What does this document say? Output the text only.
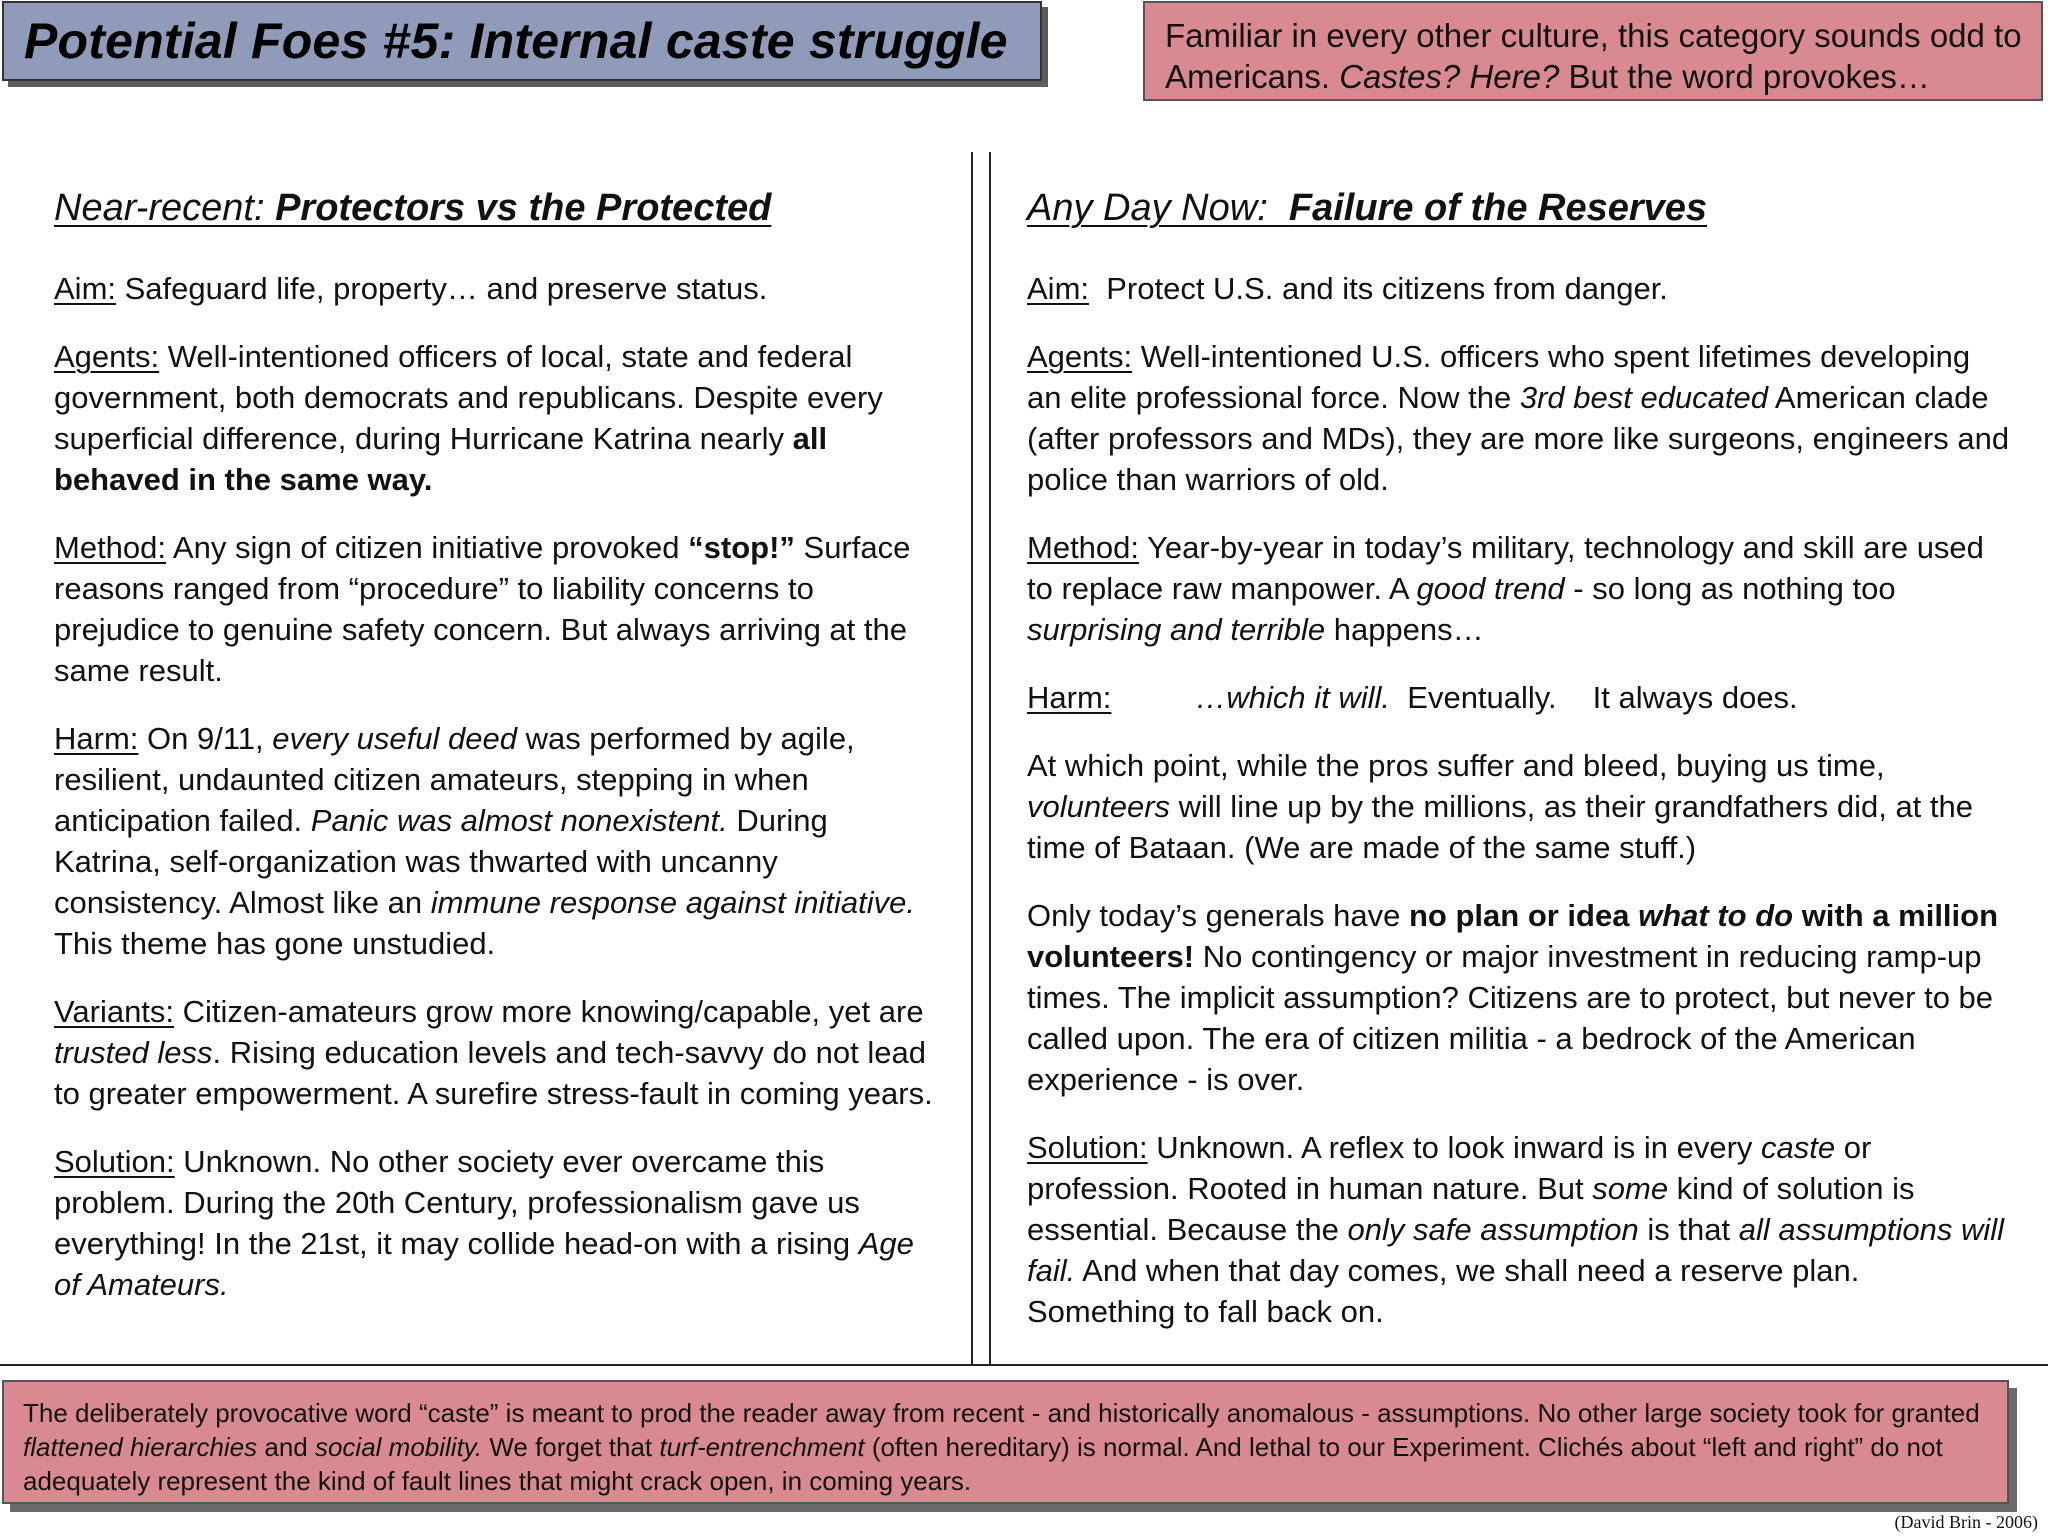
Potential Foes #5: Internal caste struggle	Familiar in every other culture, this category sounds odd to Americans. Castes? Here? But the word provokes…
Near-recent: Protectors vs the Protected

Aim: Safeguard life, property… and preserve status.

Agents: Well-intentioned officers of local, state and federal government, both democrats and republicans. Despite every superficial difference, during Hurricane Katrina nearly all behaved in the same way.

Method: Any sign of citizen initiative provoked “stop!” Surface reasons ranged from “procedure” to liability concerns to prejudice to genuine safety concern. But always arriving at the same result.

Harm: On 9/11, every useful deed was performed by agile, resilient, undaunted citizen amateurs, stepping in when anticipation failed. Panic was almost nonexistent. During Katrina, self-organization was thwarted with uncanny consistency. Almost like an immune response against initiative. This theme has gone unstudied.

Variants: Citizen-amateurs grow more knowing/capable, yet are trusted less. Rising education levels and tech-savvy do not lead to greater empowerment. A surefire stress-fault in coming years.

Solution: Unknown. No other society ever overcame this problem. During the 20th Century, professionalism gave us everything! In the 21st, it may collide head-on with a rising Age of Amateurs.

Any Day Now:  Failure of the Reserves

Aim:  Protect U.S. and its citizens from danger.

Agents: Well-intentioned U.S. officers who spent lifetimes developing an elite professional force. Now the 3rd best educated American clade (after professors and MDs), they are more like surgeons, engineers and police than warriors of old.

Method: Year-by-year in today’s military, technology and skill are used to replace raw manpower. A good trend - so long as nothing too surprising and terrible happens…

Harm:	…which it will.  Eventually. It always does.

At which point, while the pros suffer and bleed, buying us time, volunteers will line up by the millions, as their grandfathers did, at the time of Bataan. (We are made of the same stuff.)

Only today’s generals have no plan or idea what to do with a million volunteers! No contingency or major investment in reducing ramp-up times. The implicit assumption? Citizens are to protect, but never to be called upon. The era of citizen militia - a bedrock of the American experience - is over.

Solution: Unknown. A reflex to look inward is in every caste or profession. Rooted in human nature. But some kind of solution is essential. Because the only safe assumption is that all assumptions will fail. And when that day comes, we shall need a reserve plan. Something to fall back on.

The deliberately provocative word “caste” is meant to prod the reader away from recent - and historically anomalous - assumptions. No other large society took for granted flattened hierarchies and social mobility. We forget that turf-entrenchment (often hereditary) is normal. And lethal to our Experiment. Clichés about “left and right” do not adequately represent the kind of fault lines that might crack open, in coming years.
(David Brin - 2006)
